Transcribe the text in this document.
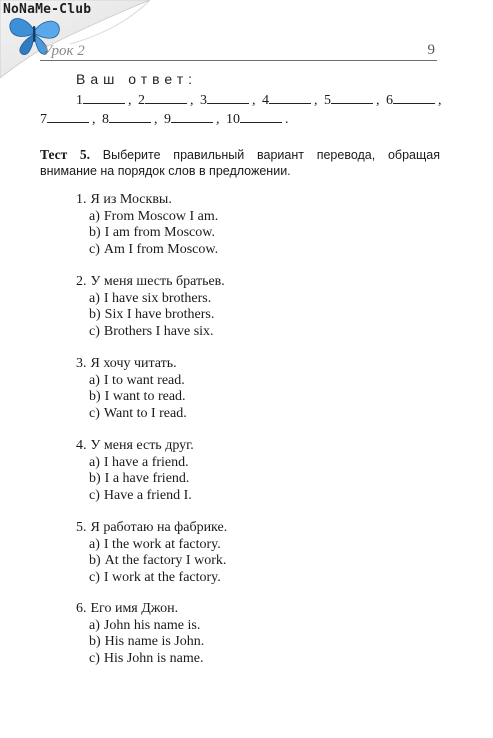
NoNaMe-Club
Урок 2	9
Ваш ответ:
1	, 2	, 3	, 4	, 5	, 6	,
7	, 8	, 9	, 10	.
Тест 5. Выберите правильный вариант перевода, обращая внимание на порядок слов в предложении.
1. Я из Москвы.
a) From Moscow I am.
b) I am from Moscow.
c) Am I from Moscow.
2. У меня шесть братьев.
a) I have six brothers.
b) Six I have brothers.
c) Brothers I have six.
3. Я хочу читать.
a) I to want read.
b) I want to read.
c) Want to I read.
4. У меня есть друг.
a) I have a friend.
b) I a have friend.
c) Have a friend I.
5. Я работаю на фабрике.
a) I the work at factory.
b) At the factory I work.
c) I work at the factory.
6. Его имя Джон.
a) John his name is.
b) His name is John.
c) His John is name.
